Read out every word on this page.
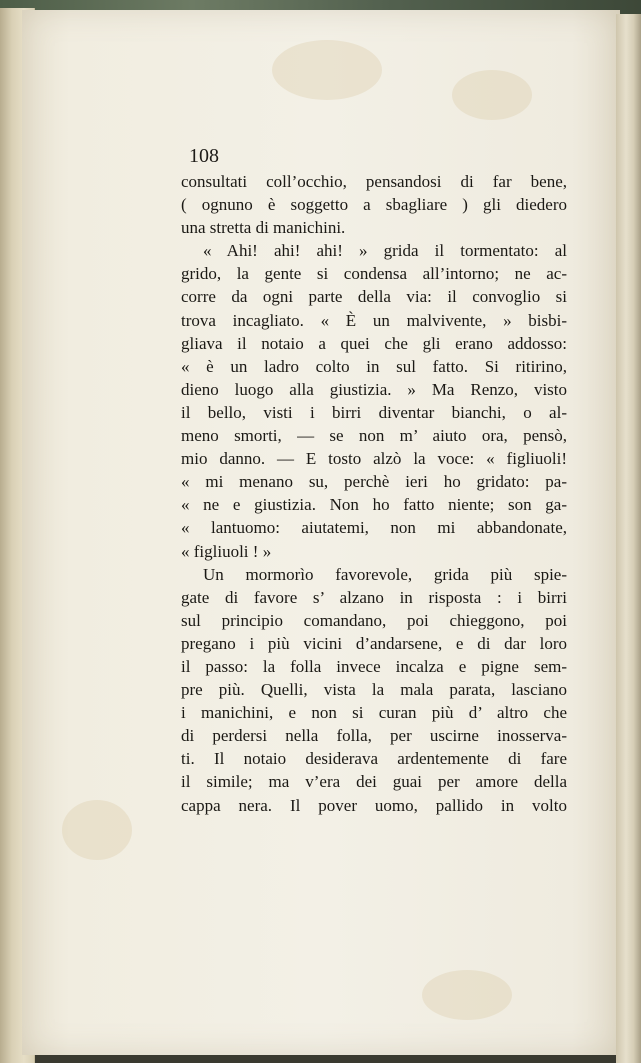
108

consultati coll’occhio, pensandosi di far bene,
( ognuno è soggetto a sbagliare ) gli diedero
una stretta di manichini.
« Ahi! ahi! ahi! » grida il tormentato: al
grido, la gente si condensa all’intorno; ne ac-
corre da ogni parte della via: il convoglio si
trova incagliato. « È un malvivente, » bisbi-
gliava il notaio a quei che gli erano addosso:
« è un ladro colto in sul fatto. Si ritirino,
dieno luogo alla giustizia. » Ma Renzo, visto
il bello, visti i birri diventar bianchi, o al-
meno smorti, — se non m’ aiuto ora, pensò,
mio danno. — E tosto alzò la voce: « figliuoli!
« mi menano su, perchè ieri ho gridato: pa-
« ne e giustizia. Non ho fatto niente; son ga-
« lantuomo: aiutatemi, non mi abbandonate,
« figliuoli ! »
Un mormorìo favorevole, grida più spie-
gate di favore s’ alzano in risposta : i birri
sul principio comandano, poi chieggono, poi
pregano i più vicini d’andarsene, e di dar loro
il passo: la folla invece incalza e pigne sem-
pre più. Quelli, vista la mala parata, lasciano
i manichini, e non si curan più d’ altro che
di perdersi nella folla, per uscirne inosserva-
ti. Il notaio desiderava ardentemente di fare
il simile; ma v’era dei guai per amore della
cappa nera. Il pover uomo, pallido in volto
